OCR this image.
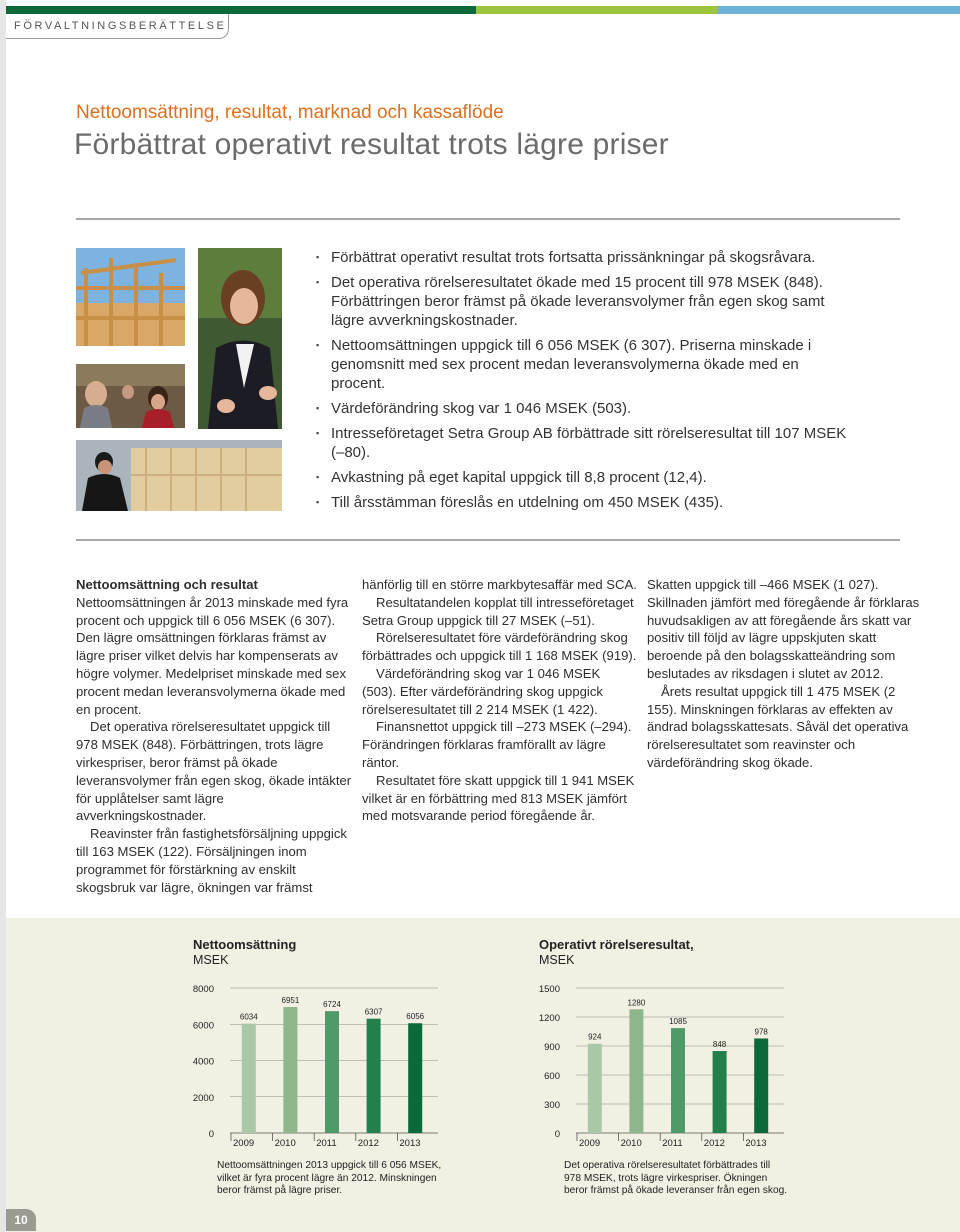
FÖRVALTNINGSBERÄTTELSE
Nettoomsättning, resultat, marknad och kassaflöde
Förbättrat operativt resultat trots lägre priser
▪ Förbättrat operativt resultat trots fortsatta prissänkningar på skogsråvara.
▪ Det operativa rörelseresultatet ökade med 15 procent till 978 MSEK (848). Förbättringen beror främst på ökade leveransvolymer från egen skog samt lägre avverkningskostnader.
▪ Nettoomsättningen uppgick till 6 056 MSEK (6 307). Priserna minskade i genomsnitt med sex procent medan leveransvolymerna ökade med en procent.
▪ Värdeförändring skog var 1 046 MSEK (503).
▪ Intresseföretaget Setra Group AB förbättrade sitt rörelseresultat till 107 MSEK (–80).
▪ Avkastning på eget kapital uppgick till 8,8 procent (12,4).
▪ Till årsstämman föreslås en utdelning om 450 MSEK (435).

Nettoomsättning och resultat

Nettoomsättningen år 2013 minskade med fyra procent och uppgick till 6 056 MSEK (6 307). Den lägre omsättningen förklaras främst av lägre priser vilket delvis har kompenserats av högre volymer. Medelpriset minskade med sex procent medan leveransvolymerna ökade med en procent.

Det operativa rörelseresultatet uppgick till 978 MSEK (848). Förbättringen, trots lägre virkespriser, beror främst på ökade leveransvolymer från egen skog, ökade intäkter för upplåtelser samt lägre avverkningskostnader.

Reavinster från fastighetsförsäljning uppgick till 163 MSEK (122). Försäljningen inom programmet för förstärkning av enskilt skogsbruk var lägre, ökningen var främst

hänförlig till en större markbytesaffär med SCA.

Resultatandelen kopplat till intresseföretaget Setra Group uppgick till 27 MSEK (–51).

Rörelseresultatet före värdeförändring skog förbättrades och uppgick till 1 168 MSEK (919).

Värdeförändring skog var 1 046 MSEK (503). Efter värdeförändring skog uppgick rörelseresultatet till 2 214 MSEK (1 422).

Finansnettot uppgick till –273 MSEK (–294). Förändringen förklaras framförallt av lägre räntor.

Resultatet före skatt uppgick till 1 941 MSEK vilket är en förbättring med 813 MSEK jämfört med motsvarande period föregående år.

Skatten uppgick till –466 MSEK (1 027). Skillnaden jämfört med föregående år förklaras huvudsakligen av att föregående års skatt var positiv till följd av lägre uppskjuten skatt beroende på den bolagsskatteändring som beslutades av riksdagen i slutet av 2012.

Årets resultat uppgick till 1 475 MSEK (2 155). Minskningen förklaras av effekten av ändrad bolagsskattesats. Såväl det operativa rörelseresultatet som reavinster och värdeförändring skog ökade.

Nettoomsättning
MSEK
0
2000
4000
6000
8000
6034
2009
6951
2010
6724
2011
6307
2012
6056
2013
Nettoomsättningen 2013 uppgick till 6 056 MSEK, vilket är fyra procent lägre än 2012. Minskningen beror främst på lägre priser.
Operativt rörelseresultat,
MSEK
0
300
600
900
1200
1500
924
2009
1280
2010
1085
2011
848
2012
978
2013
Det operativa rörelseresultatet förbättrades till 978 MSEK, trots lägre virkespriser. Ökningen beror främst på ökade leveranser från egen skog.
10
